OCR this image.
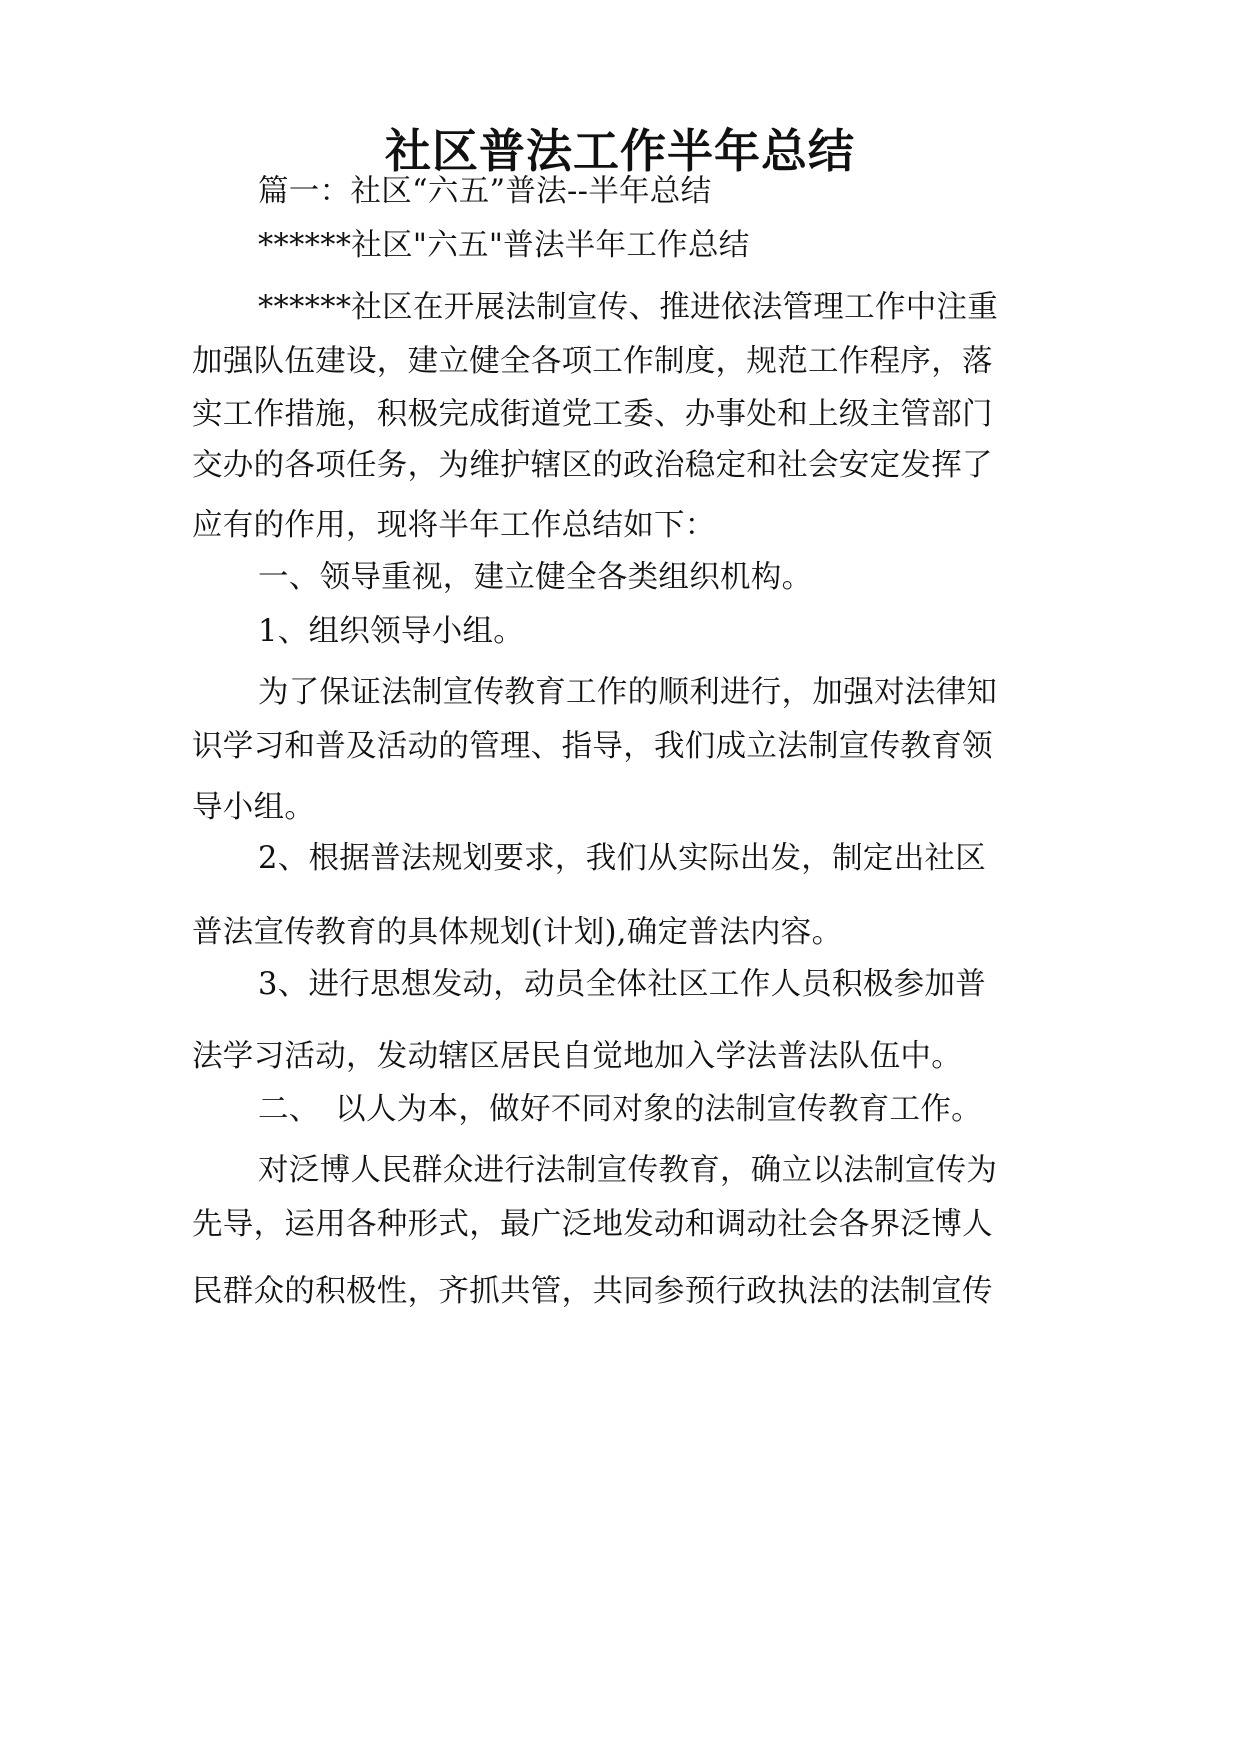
社区普法工作半年总结
篇一：社区“六五”普法--半年总结
******社区"六五"普法半年工作总结
******社区在开展法制宣传、推进依法管理工作中注重
加强队伍建设，建立健全各项工作制度，规范工作程序，落
实工作措施，积极完成街道党工委、办事处和上级主管部门
交办的各项任务，为维护辖区的政治稳定和社会安定发挥了
应有的作用，现将半年工作总结如下：
一、领导重视，建立健全各类组织机构。
1、组织领导小组。
为了保证法制宣传教育工作的顺利进行，加强对法律知
识学习和普及活动的管理、指导，我们成立法制宣传教育领
导小组。
2、根据普法规划要求，我们从实际出发，制定出社区
普法宣传教育的具体规划(计划),确定普法内容。
3、进行思想发动，动员全体社区工作人员积极参加普
法学习活动，发动辖区居民自觉地加入学法普法队伍中。
二、　以人为本，做好不同对象的法制宣传教育工作。
对泛博人民群众进行法制宣传教育，确立以法制宣传为
先导，运用各种形式，最广泛地发动和调动社会各界泛博人
民群众的积极性，齐抓共管，共同参预行政执法的法制宣传
